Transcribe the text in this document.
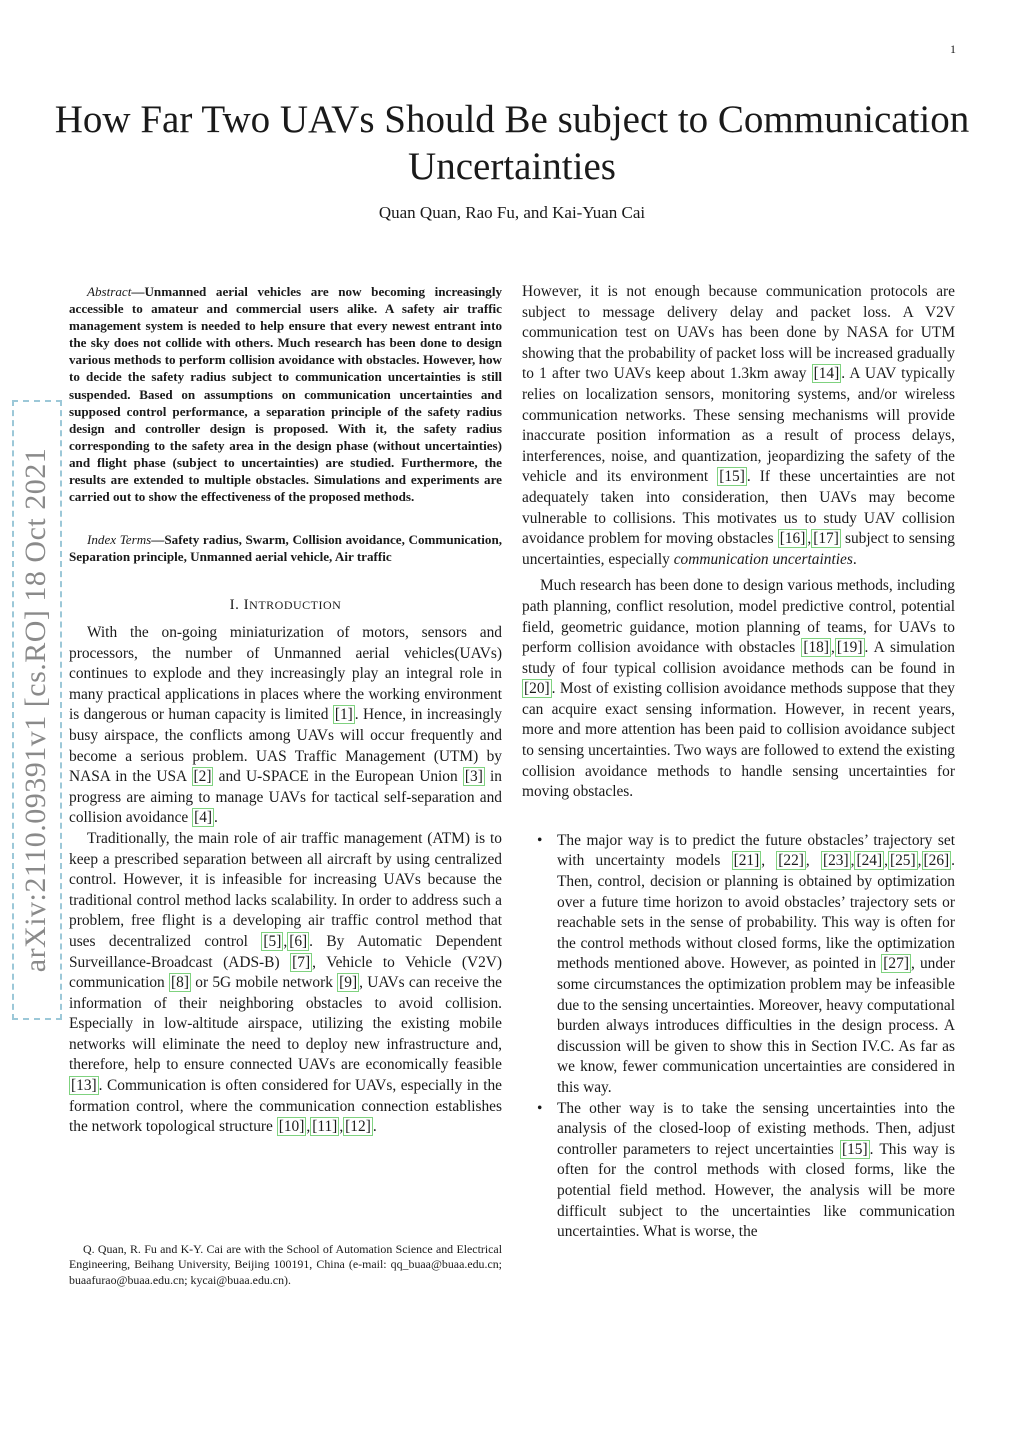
1
How Far Two UAVs Should Be subject to Communication Uncertainties
Quan Quan, Rao Fu, and Kai-Yuan Cai
arXiv:2110.09391v1 [cs.RO] 18 Oct 2021

Abstract—Unmanned aerial vehicles are now becoming increasingly accessible to amateur and commercial users alike. A safety air traffic management system is needed to help ensure that every newest entrant into the sky does not collide with others. Much research has been done to design various methods to perform collision avoidance with obstacles. However, how to decide the safety radius subject to communication uncertainties is still suspended. Based on assumptions on communication uncertainties and supposed control performance, a separation principle of the safety radius design and controller design is proposed. With it, the safety radius corresponding to the safety area in the design phase (without uncertainties) and flight phase (subject to uncertainties) are studied. Furthermore, the results are extended to multiple obstacles. Simulations and experiments are carried out to show the effectiveness of the proposed methods.

Index Terms—Safety radius, Swarm, Collision avoidance, Communication, Separation principle, Unmanned aerial vehicle, Air traffic

I. INTRODUCTION

With the on-going miniaturization of motors, sensors and processors, the number of Unmanned aerial vehicles(UAVs) continues to explode and they increasingly play an integral role in many practical applications in places where the working environment is dangerous or human capacity is limited [1] . Hence, in increasingly busy airspace, the conflicts among UAVs will occur frequently and become a serious problem. UAS Traffic Management (UTM) by NASA in the USA [2] and U-SPACE in the European Union [3] in progress are aiming to manage UAVs for tactical self-separation and collision avoidance [4] .

Traditionally, the main role of air traffic management (ATM) is to keep a prescribed separation between all aircraft by using centralized control. However, it is infeasible for increasing UAVs because the traditional control method lacks scalability. In order to address such a problem, free flight is a developing air traffic control method that uses decentralized control [5] , [6] . By Automatic Dependent Surveillance-Broadcast (ADS-B) [7] , Vehicle to Vehicle (V2V) communication [8] or 5G mobile network [9] , UAVs can receive the information of their neighboring obstacles to avoid collision. Especially in low-altitude airspace, utilizing the existing mobile networks will eliminate the need to deploy new infrastructure and, therefore, help to ensure connected UAVs are economically feasible [13] . Communication is often considered for UAVs, especially in the formation control, where the communication connection establishes the network topological structure [10] , [11] , [12] .

Q. Quan, R. Fu and K-Y. Cai are with the School of Automation Science and Electrical Engineering, Beihang University, Beijing 100191, China (e-mail: qq_buaa@buaa.edu.cn; buaafurao@buaa.edu.cn; kycai@buaa.edu.cn).

However, it is not enough because communication protocols are subject to message delivery delay and packet loss. A V2V communication test on UAVs has been done by NASA for UTM showing that the probability of packet loss will be increased gradually to 1 after two UAVs keep about 1.3km away [14] . A UAV typically relies on localization sensors, monitoring systems, and/or wireless communication networks. These sensing mechanisms will provide inaccurate position information as a result of process delays, interferences, noise, and quantization, jeopardizing the safety of the vehicle and its environment [15] . If these uncertainties are not adequately taken into consideration, then UAVs may become vulnerable to collisions. This motivates us to study UAV collision avoidance problem for moving obstacles [16] , [17] subject to sensing uncertainties, especially communication uncertainties.

Much research has been done to design various methods, including path planning, conflict resolution, model predictive control, potential field, geometric guidance, motion planning of teams, for UAVs to perform collision avoidance with obstacles [18] , [19] . A simulation study of four typical collision avoidance methods can be found in [20] . Most of existing collision avoidance methods suppose that they can acquire exact sensing information. However, in recent years, more and more attention has been paid to collision avoidance subject to sensing uncertainties. Two ways are followed to extend the existing collision avoidance methods to handle sensing uncertainties for moving obstacles.

• The major way is to predict the future obstacles’ trajectory set with uncertainty models [21] , [22] , [23] , [24] , [25] , [26] . Then, control, decision or planning is obtained by optimization over a future time horizon to avoid obstacles’ trajectory sets or reachable sets in the sense of probability. This way is often for the control methods without closed forms, like the optimization methods mentioned above. However, as pointed in [27] , under some circumstances the optimization problem may be infeasible due to the sensing uncertainties. Moreover, heavy computational burden always introduces difficulties in the design process. A discussion will be given to show this in Section IV.C. As far as we know, fewer communication uncertainties are considered in this way.
• The other way is to take the sensing uncertainties into the analysis of the closed-loop of existing methods. Then, adjust controller parameters to reject uncertainties [15] . This way is often for the control methods with closed forms, like the potential field method. However, the analysis will be more difficult subject to the uncertainties like communication uncertainties. What is worse, the
